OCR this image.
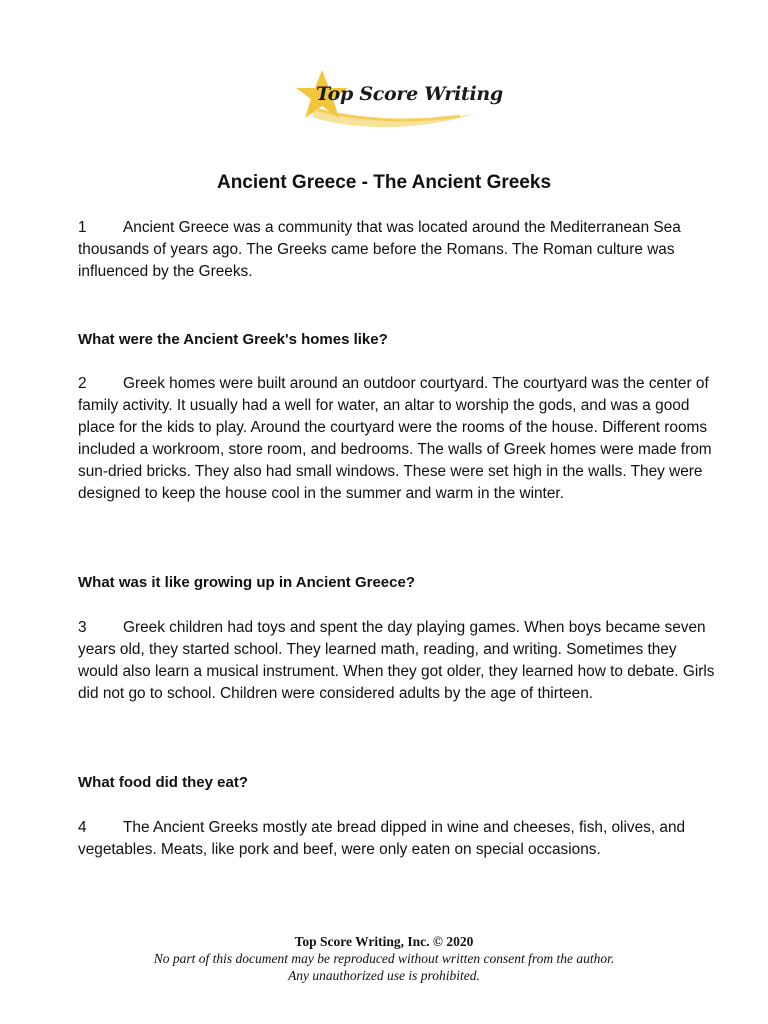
Top Score Writing
Ancient Greece - The Ancient Greeks

1 Ancient Greece was a community that was located around the Mediterranean Sea thousands of years ago. The Greeks came before the Romans. The Roman culture was influenced by the Greeks.

What were the Ancient Greek's homes like?

2 Greek homes were built around an outdoor courtyard. The courtyard was the center of family activity. It usually had a well for water, an altar to worship the gods, and was a good place for the kids to play. Around the courtyard were the rooms of the house. Different rooms included a workroom, store room, and bedrooms. The walls of Greek homes were made from sun-dried bricks. They also had small windows. These were set high in the walls. They were designed to keep the house cool in the summer and warm in the winter.

What was it like growing up in Ancient Greece?

3 Greek children had toys and spent the day playing games. When boys became seven years old, they started school. They learned math, reading, and writing. Sometimes they would also learn a musical instrument. When they got older, they learned how to debate. Girls did not go to school. Children were considered adults by the age of thirteen.

What food did they eat?

4 The Ancient Greeks mostly ate bread dipped in wine and cheeses, fish, olives, and vegetables. Meats, like pork and beef, were only eaten on special occasions.

Top Score Writing, Inc. © 2020
No part of this document may be reproduced without written consent from the author.
Any unauthorized use is prohibited.
